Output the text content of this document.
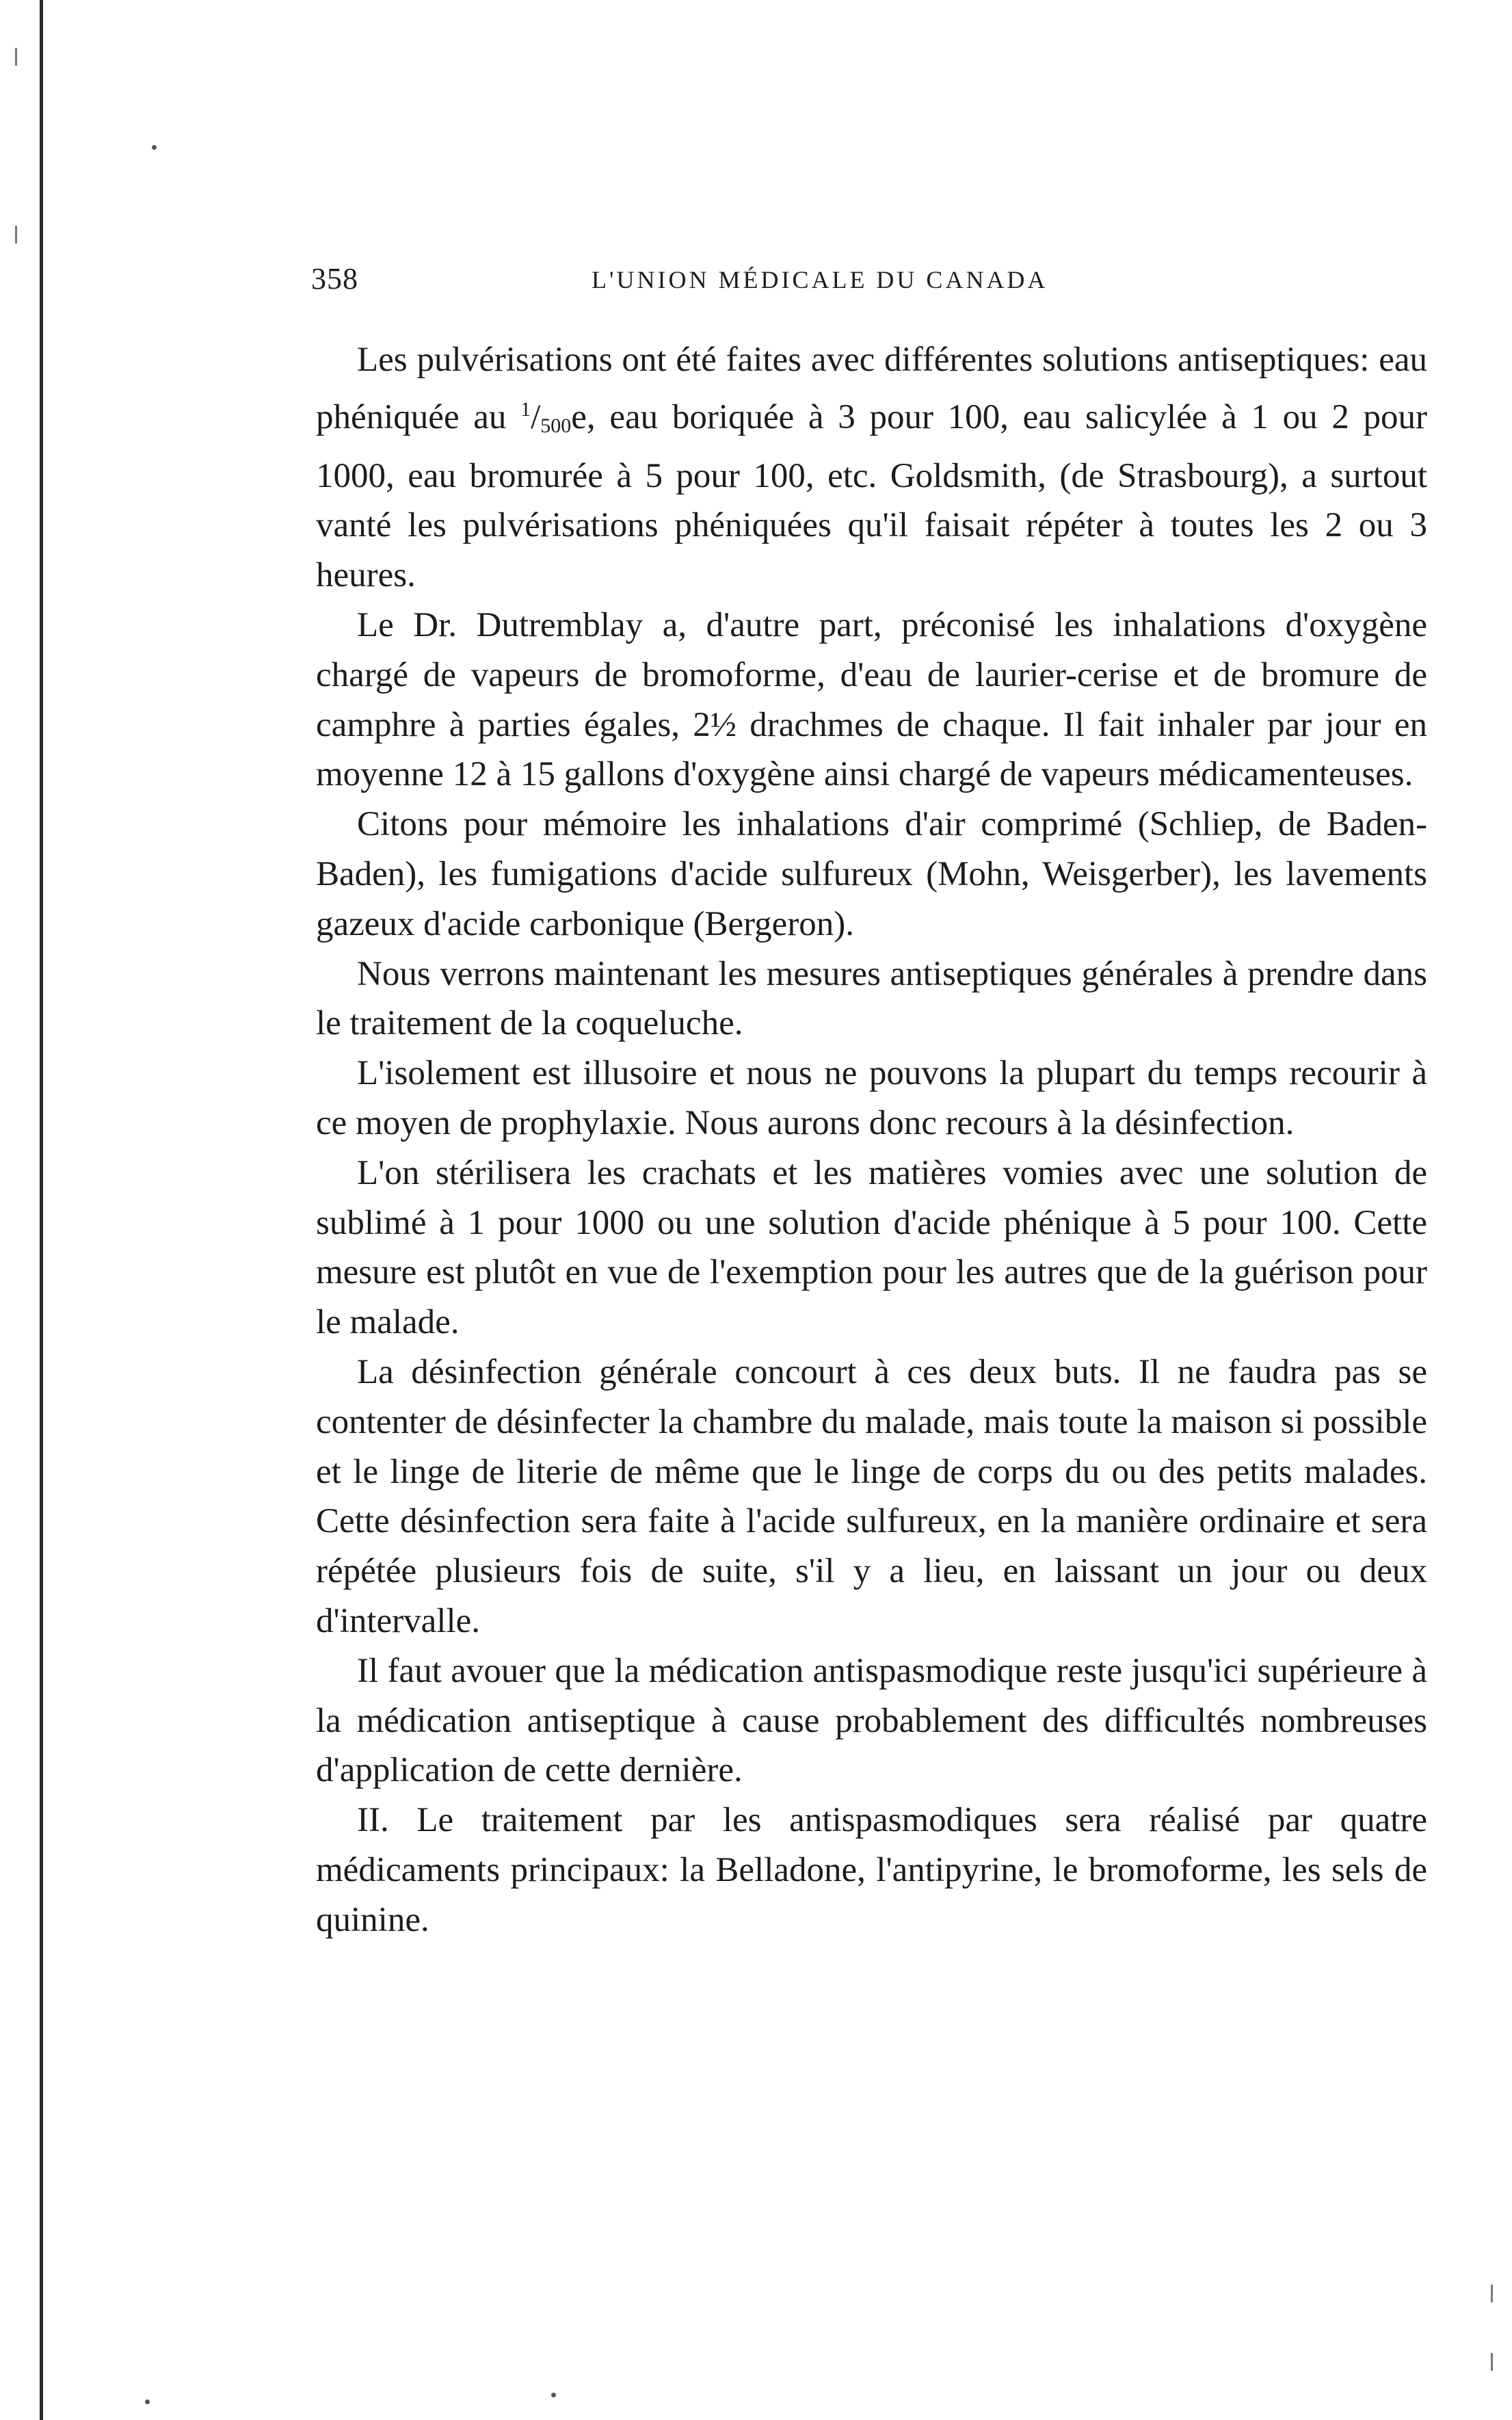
358	L'UNION MÉDICALE DU CANADA

Les pulvérisations ont été faites avec différentes solutions antiseptiques: eau phéniquée au $^1/_{500}e$, eau boriquée à 3 pour 100, eau salicylée à 1 ou 2 pour 1000, eau bromurée à 5 pour 100, etc. Goldsmith, (de Strasbourg), a surtout vanté les pulvérisations phéniquées qu'il faisait répéter à toutes les 2 ou 3 heures.

Le Dr. Dutremblay a, d'autre part, préconisé les inhalations d'oxygène chargé de vapeurs de bromoforme, d'eau de laurier-cerise et de bromure de camphre à parties égales, 2½ drachmes de chaque. Il fait inhaler par jour en moyenne 12 à 15 gallons d'oxygène ainsi chargé de vapeurs médicamenteuses.

Citons pour mémoire les inhalations d'air comprimé (Schliep, de Baden-Baden), les fumigations d'acide sulfureux (Mohn, Weisgerber), les lavements gazeux d'acide carbonique (Bergeron).

Nous verrons maintenant les mesures antiseptiques générales à prendre dans le traitement de la coqueluche.

L'isolement est illusoire et nous ne pouvons la plupart du temps recourir à ce moyen de prophylaxie. Nous aurons donc recours à la désinfection.

L'on stérilisera les crachats et les matières vomies avec une solution de sublimé à 1 pour 1000 ou une solution d'acide phénique à 5 pour 100. Cette mesure est plutôt en vue de l'exemption pour les autres que de la guérison pour le malade.

La désinfection générale concourt à ces deux buts. Il ne faudra pas se contenter de désinfecter la chambre du malade, mais toute la maison si possible et le linge de literie de même que le linge de corps du ou des petits malades. Cette désinfection sera faite à l'acide sulfureux, en la manière ordinaire et sera répétée plusieurs fois de suite, s'il y a lieu, en laissant un jour ou deux d'intervalle.

Il faut avouer que la médication antispasmodique reste jusqu'ici supérieure à la médication antiseptique à cause probablement des difficultés nombreuses d'application de cette dernière.

II. Le traitement par les antispasmodiques sera réalisé par quatre médicaments principaux: la Belladone, l'antipyrine, le bromoforme, les sels de quinine.
